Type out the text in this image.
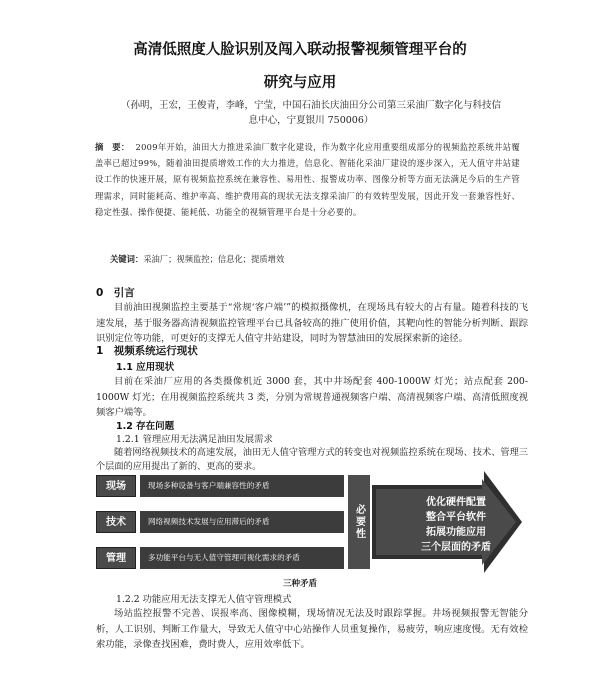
高清低照度人脸识别及闯入联动报警视频管理平台的
研究与应用
（孙明，王宏，王俊青，李峰，宁莹，中国石油长庆油田分公司第三采油厂数字化与科技信
息中心，宁夏银川 750006）
摘　要： 2009年开始，油田大力推进采油厂数字化建设，作为数字化应用重要组成部分的视频监控系统井站覆盖率已超过99%，随着油田提质增效工作的大力推进，信息化、智能化采油厂建设的逐步深入，无人值守井站建设工作的快速开展，原有视频监控系统在兼容性、易用性、报警成功率、图像分析等方面无法满足今后的生产管理需求，同时能耗高、维护率高、维护费用高的现状无法支撑采油厂的有效转型发展，因此开发一套兼容性好、稳定性强、操作便捷、能耗低、功能全的视频管理平台是十分必要的。
关键词：采油厂；视频监控；信息化；提质增效
0　引言
目前油田视频监控主要基于“常规‘客户端’”的模拟摄像机，在现场具有较大的占有量。随着科技的飞速发展，基于服务器高清视频监控管理平台已具备较高的推广使用价值，其靶向性的智能分析判断、跟踪识别定位等功能，可更好的支撑无人值守井站建设，同时为智慧油田的发展探索新的途径。
1　视频系统运行现状
1.1 应用现状
目前在采油厂应用的各类摄像机近 3000 套，其中井场配套 400-1000W 灯光；站点配套 200-1000W 灯光；在用视频监控系统共 3 类，分别为常规普通视频客户端、高清视频客户端、高清低照度视频客户端等。
1.2 存在问题
1.2.1 管理应用无法满足油田发展需求
随着网络视频技术的高速发展，油田无人值守管理方式的转变也对视频监控系统在现场、技术、管理三个层面的应用提出了新的、更高的要求。
现场	现场多种设备与客户端兼容性的矛盾
技术	网络视频技术发展与应用滞后的矛盾
管理	多功能平台与无人值守管理可视化需求的矛盾
必要性
优化硬件配置
整合平台软件
拓展功能应用
三个层面的矛盾
三种矛盾
1.2.2 功能应用无法支撑无人值守管理模式
场站监控报警不完善、误报率高、图像模糊，现场情况无法及时跟踪掌握。井场视频报警无智能分析，人工识别、判断工作量大，导致无人值守中心站操作人员重复操作，易疲劳，响应速度慢。无有效检索功能，录像查找困难，费时费人，应用效率低下。
